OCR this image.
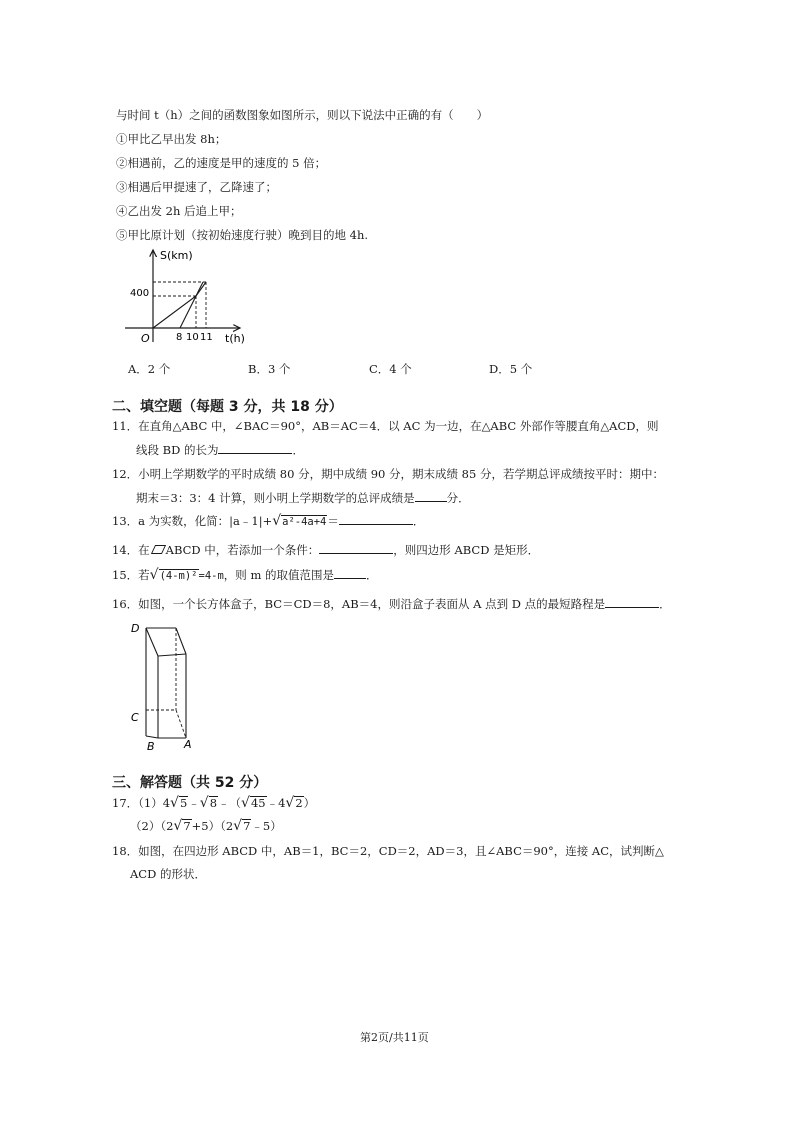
与时间 t（h）之间的函数图象如图所示，则以下说法中正确的有（　　）
①甲比乙早出发 8h；
②相遇前，乙的速度是甲的速度的 5 倍；
③相遇后甲提速了，乙降速了；
④乙出发 2h 后追上甲；
⑤甲比原计划（按初始速度行驶）晚到目的地 4h.
S(km)
400
O	8 10 11 t(h)
A．2 个	B．3 个	C．4 个	D．5 个
二、填空题（每题 3 分，共 18 分）
11．在直角△ABC 中，∠BAC＝90°，AB＝AC＝4．以 AC 为一边，在△ABC 外部作等腰直角△ACD，则
线段 BD 的长为	．
12．小明上学期数学的平时成绩 80 分，期中成绩 90 分，期末成绩 85 分，若学期总评成绩按平时：期中：
期末＝3：3：4 计算，则小明上学期数学的总评成绩是	分．
13．a 为实数，化简：|a﹣1|+√a²-4a+4＝	．
14．在 ABCD 中，若添加一个条件：	，则四边形 ABCD 是矩形．
15．若√(4-m)²=4-m，则 m 的取值范围是	．
16．如图，一个长方体盒子，BC＝CD＝8，AB＝4，则沿盒子表面从 A 点到 D 点的最短路程是	．
D
C
B	A
三、解答题（共 52 分）
17．（1）4√5﹣√8﹣（√45﹣4√2）
（2）（2√7+5）（2√7﹣5）
18．如图，在四边形 ABCD 中，AB＝1，BC＝2，CD＝2，AD＝3，且∠ABC＝90°，连接 AC，试判断△
ACD 的形状．
第2页/共11页
